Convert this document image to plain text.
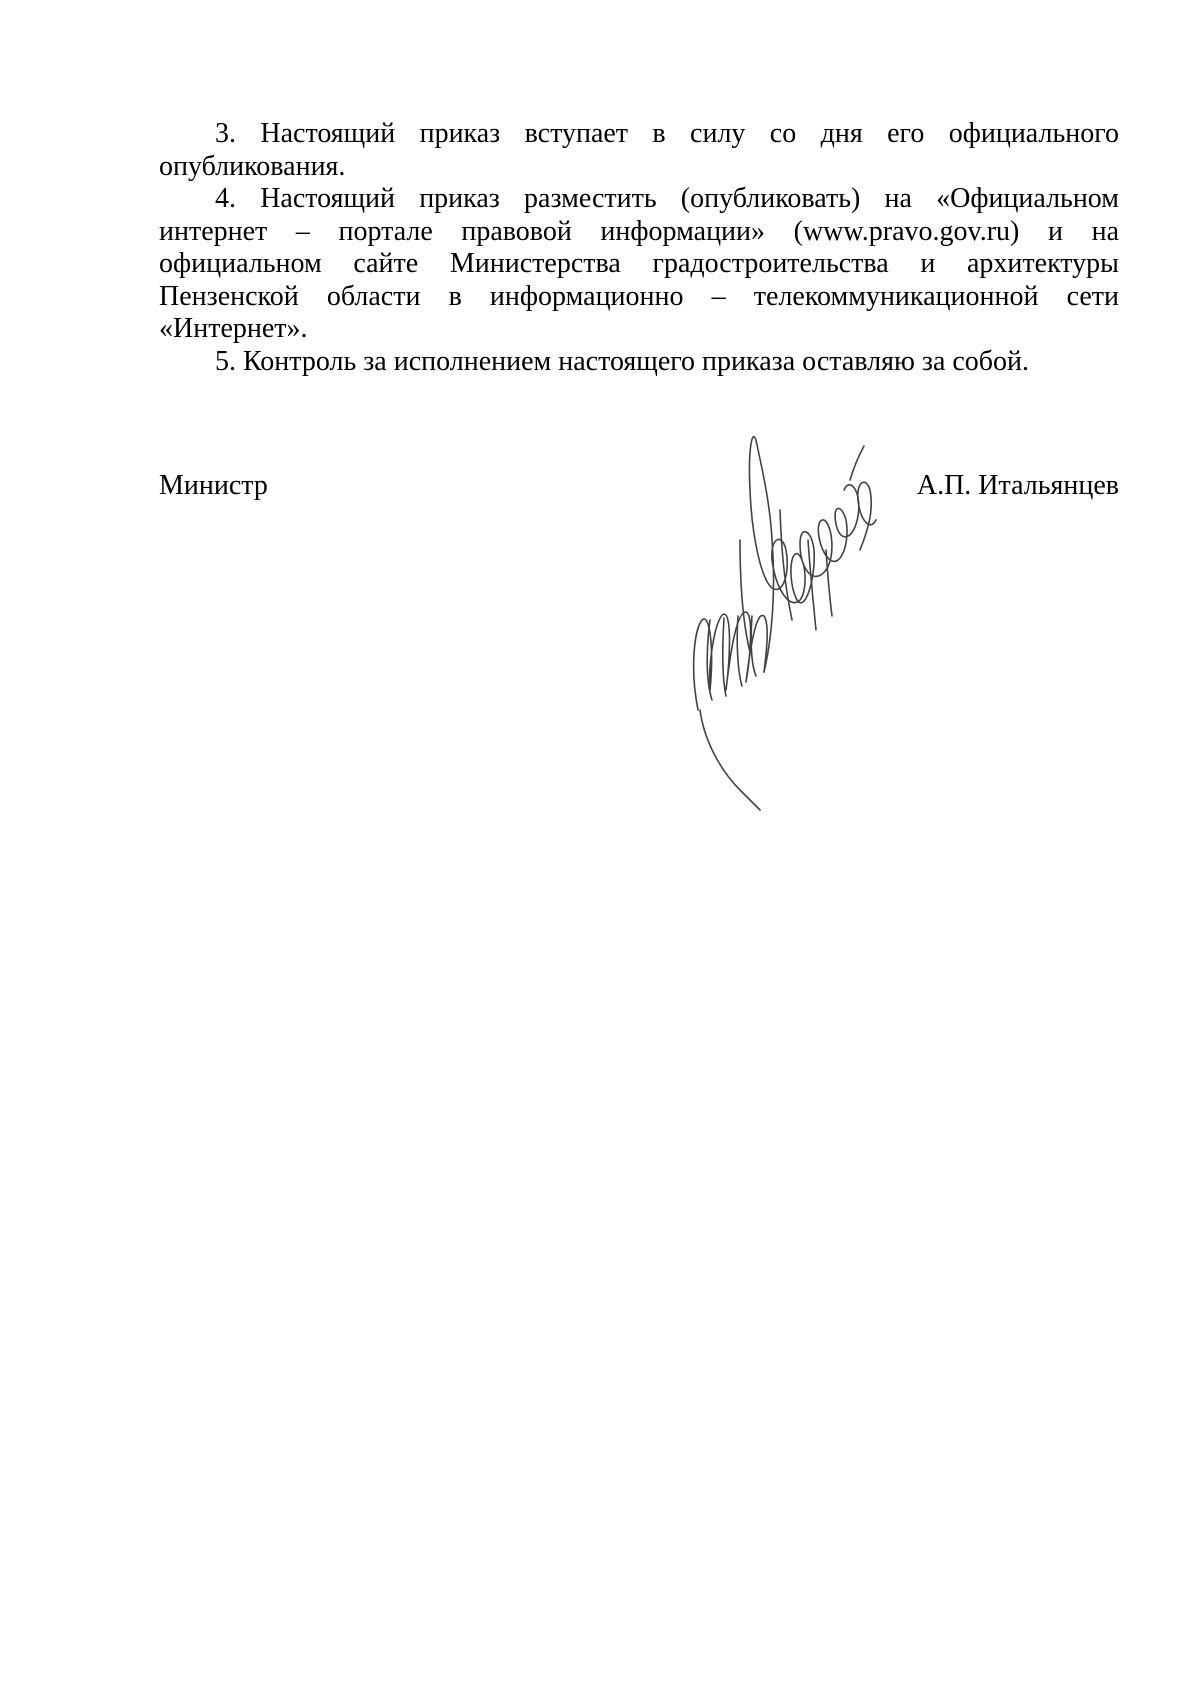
3. Настоящий приказ вступает в силу со дня его официального опубликования.

4. Настоящий приказ разместить (опубликовать) на «Официальном интернет – портале правовой информации» (www.pravo.gov.ru) и на официальном сайте Министерства градостроительства и архитектуры Пензенской области в информационно – телекоммуникационной сети «Интернет».

5. Контроль за исполнением настоящего приказа оставляю за собой.

Министр	А.П. Итальянцев
